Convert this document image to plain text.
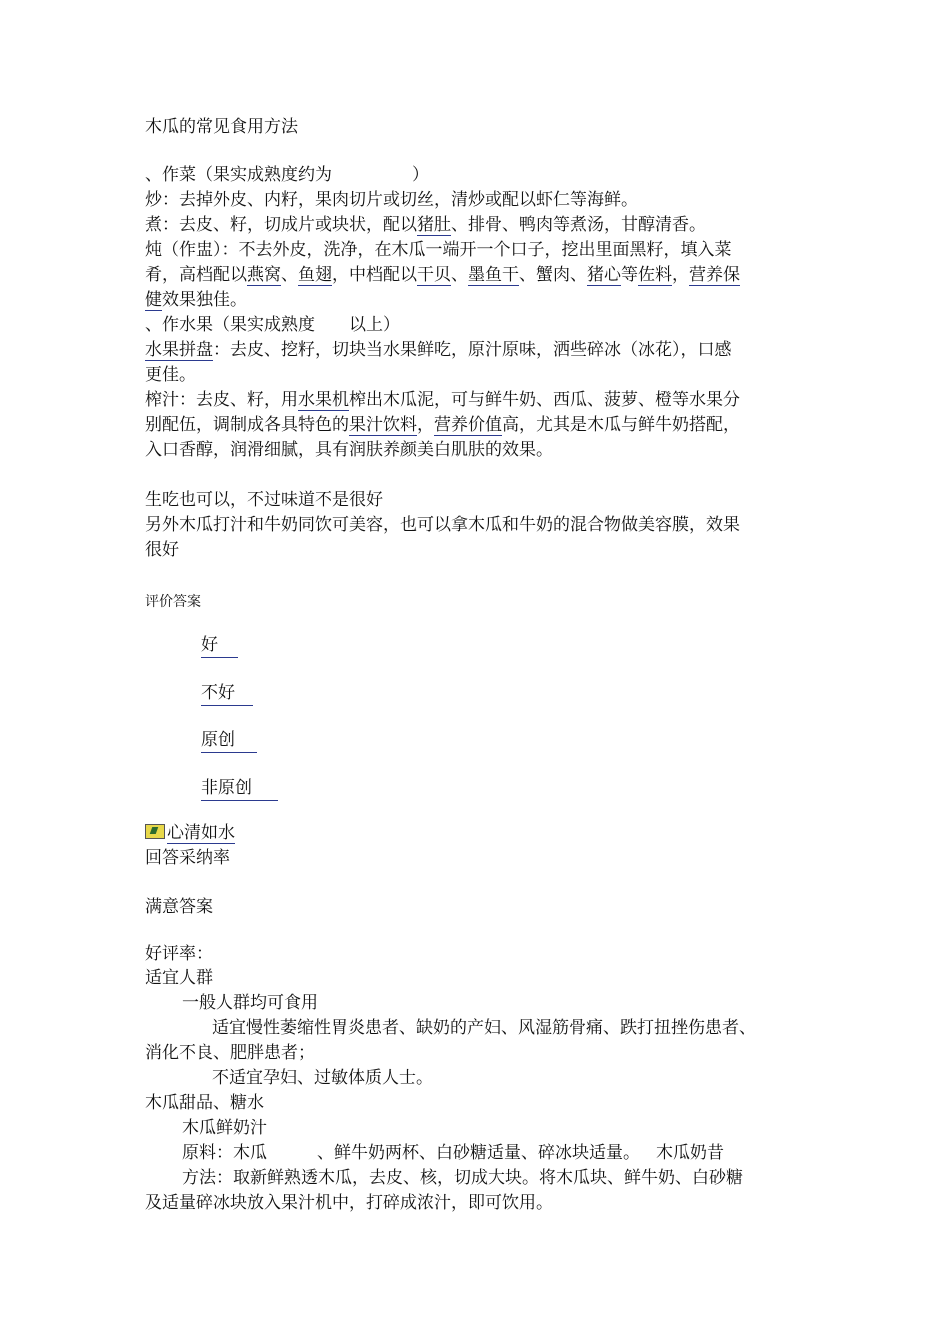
木瓜的常见食用方法
、作菜（果实成熟度约为	）
炒：去掉外皮、内籽，果肉切片或切丝，清炒或配以虾仁等海鲜。
煮：去皮、籽，切成片或块状，配以猪肚、排骨、鸭肉等煮汤，甘醇清香。
炖（作盅）：不去外皮，洗净，在木瓜一端开一个口子，挖出里面黑籽，填入菜
肴，高档配以燕窝、鱼翅，中档配以干贝、墨鱼干、蟹肉、猪心等佐料，营养保
健效果独佳。
、作水果（果实成熟度 以上）
水果拼盘：去皮、挖籽，切块当水果鲜吃，原汁原味，洒些碎冰（冰花），口感
更佳。
榨汁：去皮、籽，用水果机榨出木瓜泥，可与鲜牛奶、西瓜、菠萝、橙等水果分
别配伍，调制成各具特色的果汁饮料，营养价值高，尤其是木瓜与鲜牛奶搭配，
入口香醇，润滑细腻，具有润肤养颜美白肌肤的效果。
生吃也可以，不过味道不是很好
另外木瓜打汁和牛奶同饮可美容，也可以拿木瓜和牛奶的混合物做美容膜，效果
很好
评价答案
好
不好
原创
非原创
心清如水
回答采纳率
满意答案
好评率：
适宜人群
一般人群均可食用
适宜慢性萎缩性胃炎患者、缺奶的产妇、风湿筋骨痛、跌打扭挫伤患者、
消化不良、肥胖患者；
不适宜孕妇、过敏体质人士。
木瓜甜品、糖水
木瓜鲜奶汁
原料：木瓜	、鲜牛奶两杯、白砂糖适量、碎冰块适量。 木瓜奶昔
方法：取新鲜熟透木瓜，去皮、核，切成大块。将木瓜块、鲜牛奶、白砂糖
及适量碎冰块放入果汁机中，打碎成浓汁，即可饮用。
